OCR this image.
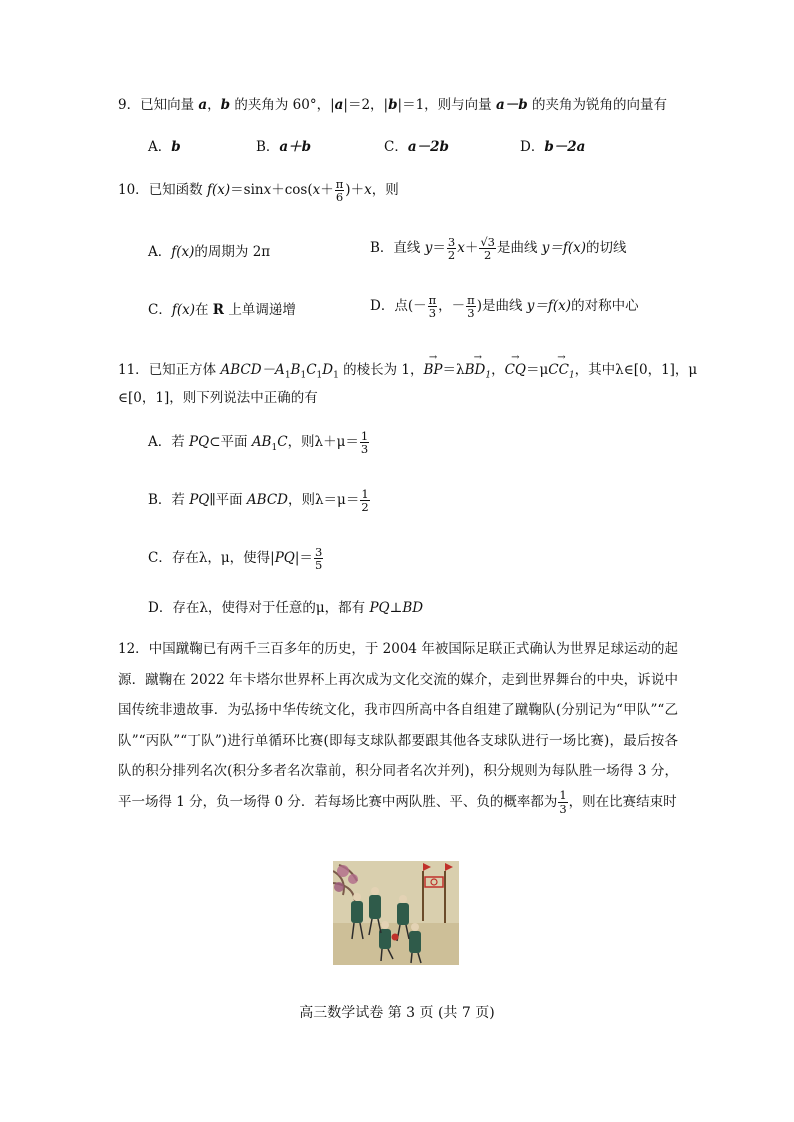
9．已知向量 a，b 的夹角为 60°，|a|＝2，|b|＝1，则与向量 a－b 的夹角为锐角的向量有
A．b	B．a＋b	C．a－2b	D．b－2a
10．已知函数 $f(x)=\sin x+\cos(x+ \frac{\pi}{6} )+x$，则
A．f(x)的周期为 2π	B．直线 $y= \frac{3}{2} x+ \frac{√3}{2}$ 是曲线 y＝f(x)的切线
C．f(x)在 R 上单调递增	D．点(－ $\frac{\pi}{3}$ ，－ $\frac{\pi}{3}$ )是曲线 y＝f(x)的对称中心
11．已知正方体 $ABCD-A_1B_1C_1D_1$ 的棱长为 1，→ $BP=\lambda\to BD_1$，→ $CQ=\mu\to CC_1$，其中λ∈[0，1]，μ
∈[0，1]，则下列说法中正确的有
A．若 PQ⊂平面 $AB_1C$，则$\lambda+\mu= \frac{1}{3}$
B．若 PQ∥平面 ABCD，则$\lambda=\mu= \frac{1}{2}$
C．存在λ，μ，使得$|PQ|= \frac{3}{5}$
D．存在λ，使得对于任意的μ，都有 PQ⊥BD
12．中国蹴鞠已有两千三百多年的历史，于 2004 年被国际足联正式确认为世界足球运动的起源．蹴鞠在 2022 年卡塔尔世界杯上再次成为文化交流的媒介，走到世界舞台的中央，诉说中国传统非遗故事．为弘扬中华传统文化，我市四所高中各自组建了蹴鞠队(分别记为“甲队”“乙队”“丙队”“丁队”)进行单循环比赛(即每支球队都要跟其他各支球队进行一场比赛)，最后按各队的积分排列名次(积分多者名次靠前，积分同者名次并列)，积分规则为每队胜一场得 3 分，平一场得 1 分，负一场得 0 分．若每场比赛中两队胜、平、负的概率都为 $\frac{1}{3}$ ，则在比赛结束时
高三数学试卷 第 3 页 (共 7 页)
